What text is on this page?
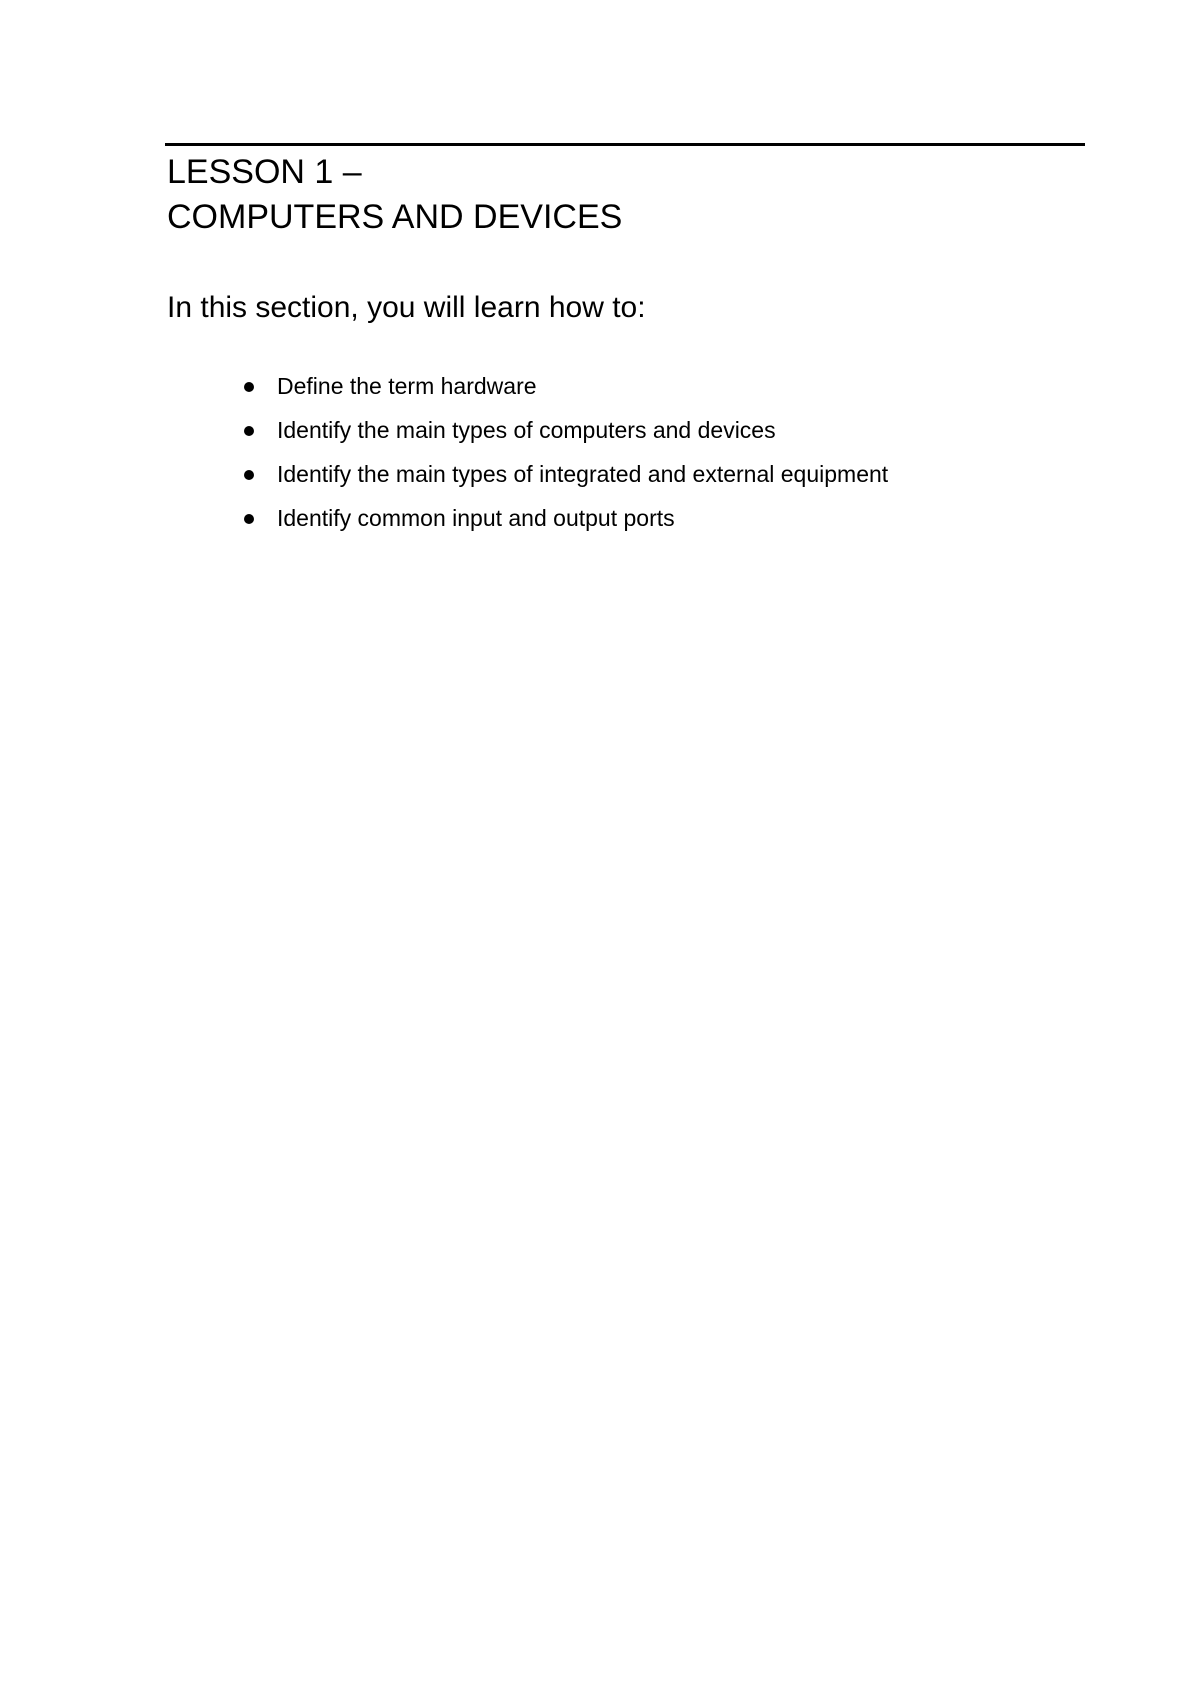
LESSON 1 –
COMPUTERS AND DEVICES

In this section, you will learn how to:

Define the term hardware
Identify the main types of computers and devices
Identify the main types of integrated and external equipment
Identify common input and output ports
